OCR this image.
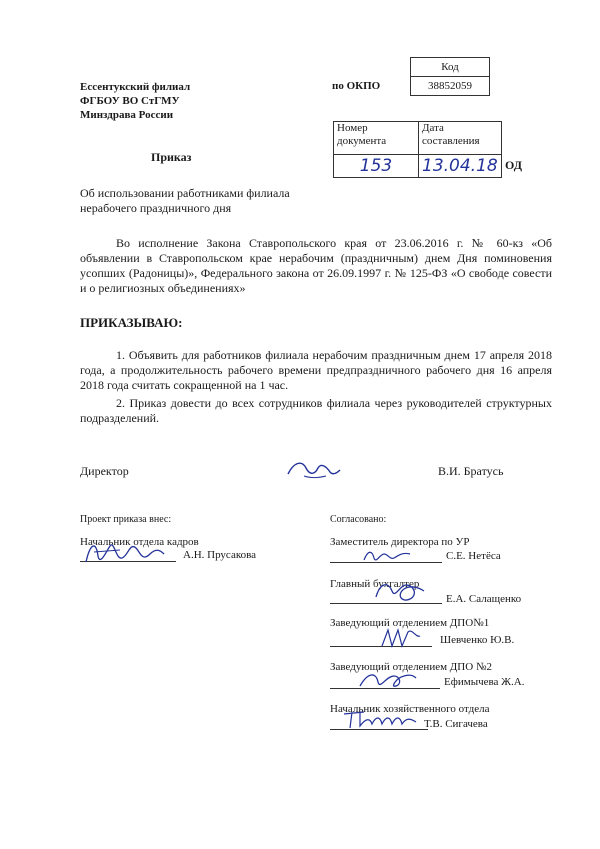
Ессентукский филиал
ФГБОУ ВО СтГМУ
Минздрава России
по ОКПО
Код
38852059
Номер документа	Дата составления
153	13.04.18 ОД
Приказ
Об использовании работниками филиала
нерабочего праздничного дня
Во исполнение Закона Ставропольского края от 23.06.2016 г. № 60-кз «Об объявлении в Ставропольском крае нерабочим (праздничным) днем Дня поминовения усопших (Радоницы)», Федерального закона от 26.09.1997 г. № 125-ФЗ «О свободе совести и о религиозных объединениях»
ПРИКАЗЫВАЮ:
1. Объявить для работников филиала нерабочим праздничным днем 17 апреля 2018 года, а продолжительность рабочего времени предпраздничного рабочего дня 16 апреля 2018 года считать сокращенной на 1 час.
2. Приказ довести до всех сотрудников филиала через руководителей структурных подразделений.
Директор	В.И. Братусь
Проект приказа внес:
Начальник отдела кадров
А.Н. Прусакова
Согласовано:
Заместитель директора по УР
С.Е. Нетёса
Главный бухгалтер
Е.А. Салащенко
Заведующий отделением ДПО№1
Шевченко Ю.В.
Заведующий отделением ДПО №2
Ефимычева Ж.А.
Начальник хозяйственного отдела
Т.В. Сигачева
